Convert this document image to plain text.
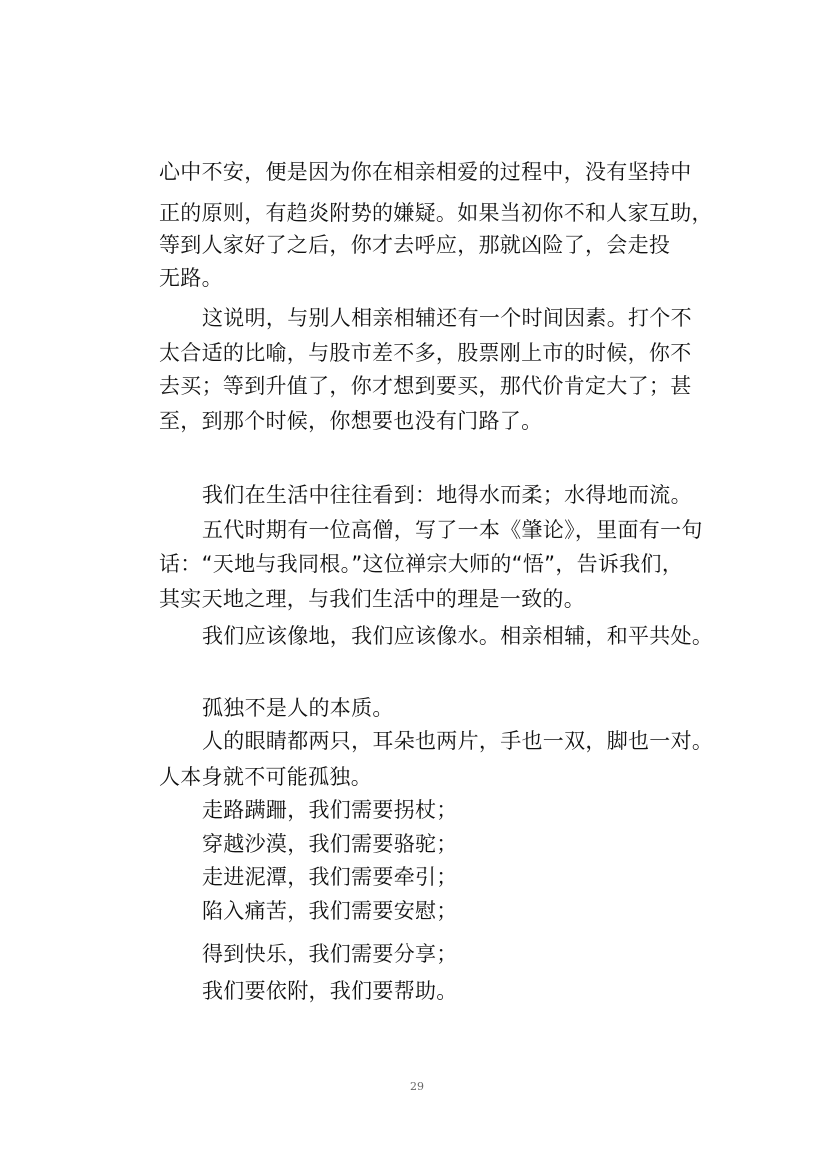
心中不安，便是因为你在相亲相爱的过程中，没有坚持中
正的原则，有趋炎附势的嫌疑。如果当初你不和人家互助，
等到人家好了之后，你才去呼应，那就凶险了，会走投
无路。
这说明，与别人相亲相辅还有一个时间因素。打个不
太合适的比喻，与股市差不多，股票刚上市的时候，你不
去买；等到升值了，你才想到要买，那代价肯定大了；甚
至，到那个时候，你想要也没有门路了。
我们在生活中往往看到：地得水而柔；水得地而流。
五代时期有一位高僧，写了一本《肇论》，里面有一句
话：“天地与我同根。”这位禅宗大师的“悟”，告诉我们，
其实天地之理，与我们生活中的理是一致的。
我们应该像地，我们应该像水。相亲相辅，和平共处。
孤独不是人的本质。
人的眼睛都两只，耳朵也两片，手也一双，脚也一对。
人本身就不可能孤独。
走路蹒跚，我们需要拐杖；
穿越沙漠，我们需要骆驼；
走进泥潭，我们需要牵引；
陷入痛苦，我们需要安慰；
得到快乐，我们需要分享；
我们要依附，我们要帮助。
29
